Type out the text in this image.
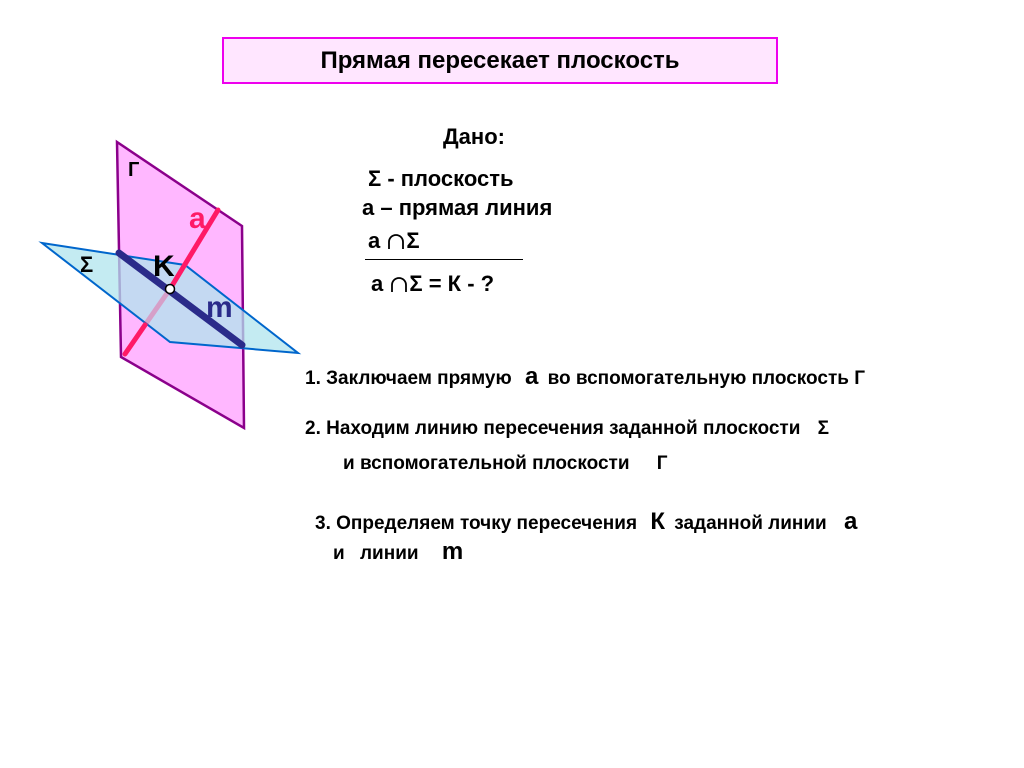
Прямая пересекает плоскость
Г
Σ
a
K
m
Дано:
Σ - плоскость
а – прямая линия
а Σ
а Σ = К - ?
1. Заключаем прямую а во вспомогательную плоскость Г
2. Находим линию пересечения заданной плоскости Σ
и вспомогательной плоскости Г
3. Определяем точку пересечения К заданной линии а
и линии m
